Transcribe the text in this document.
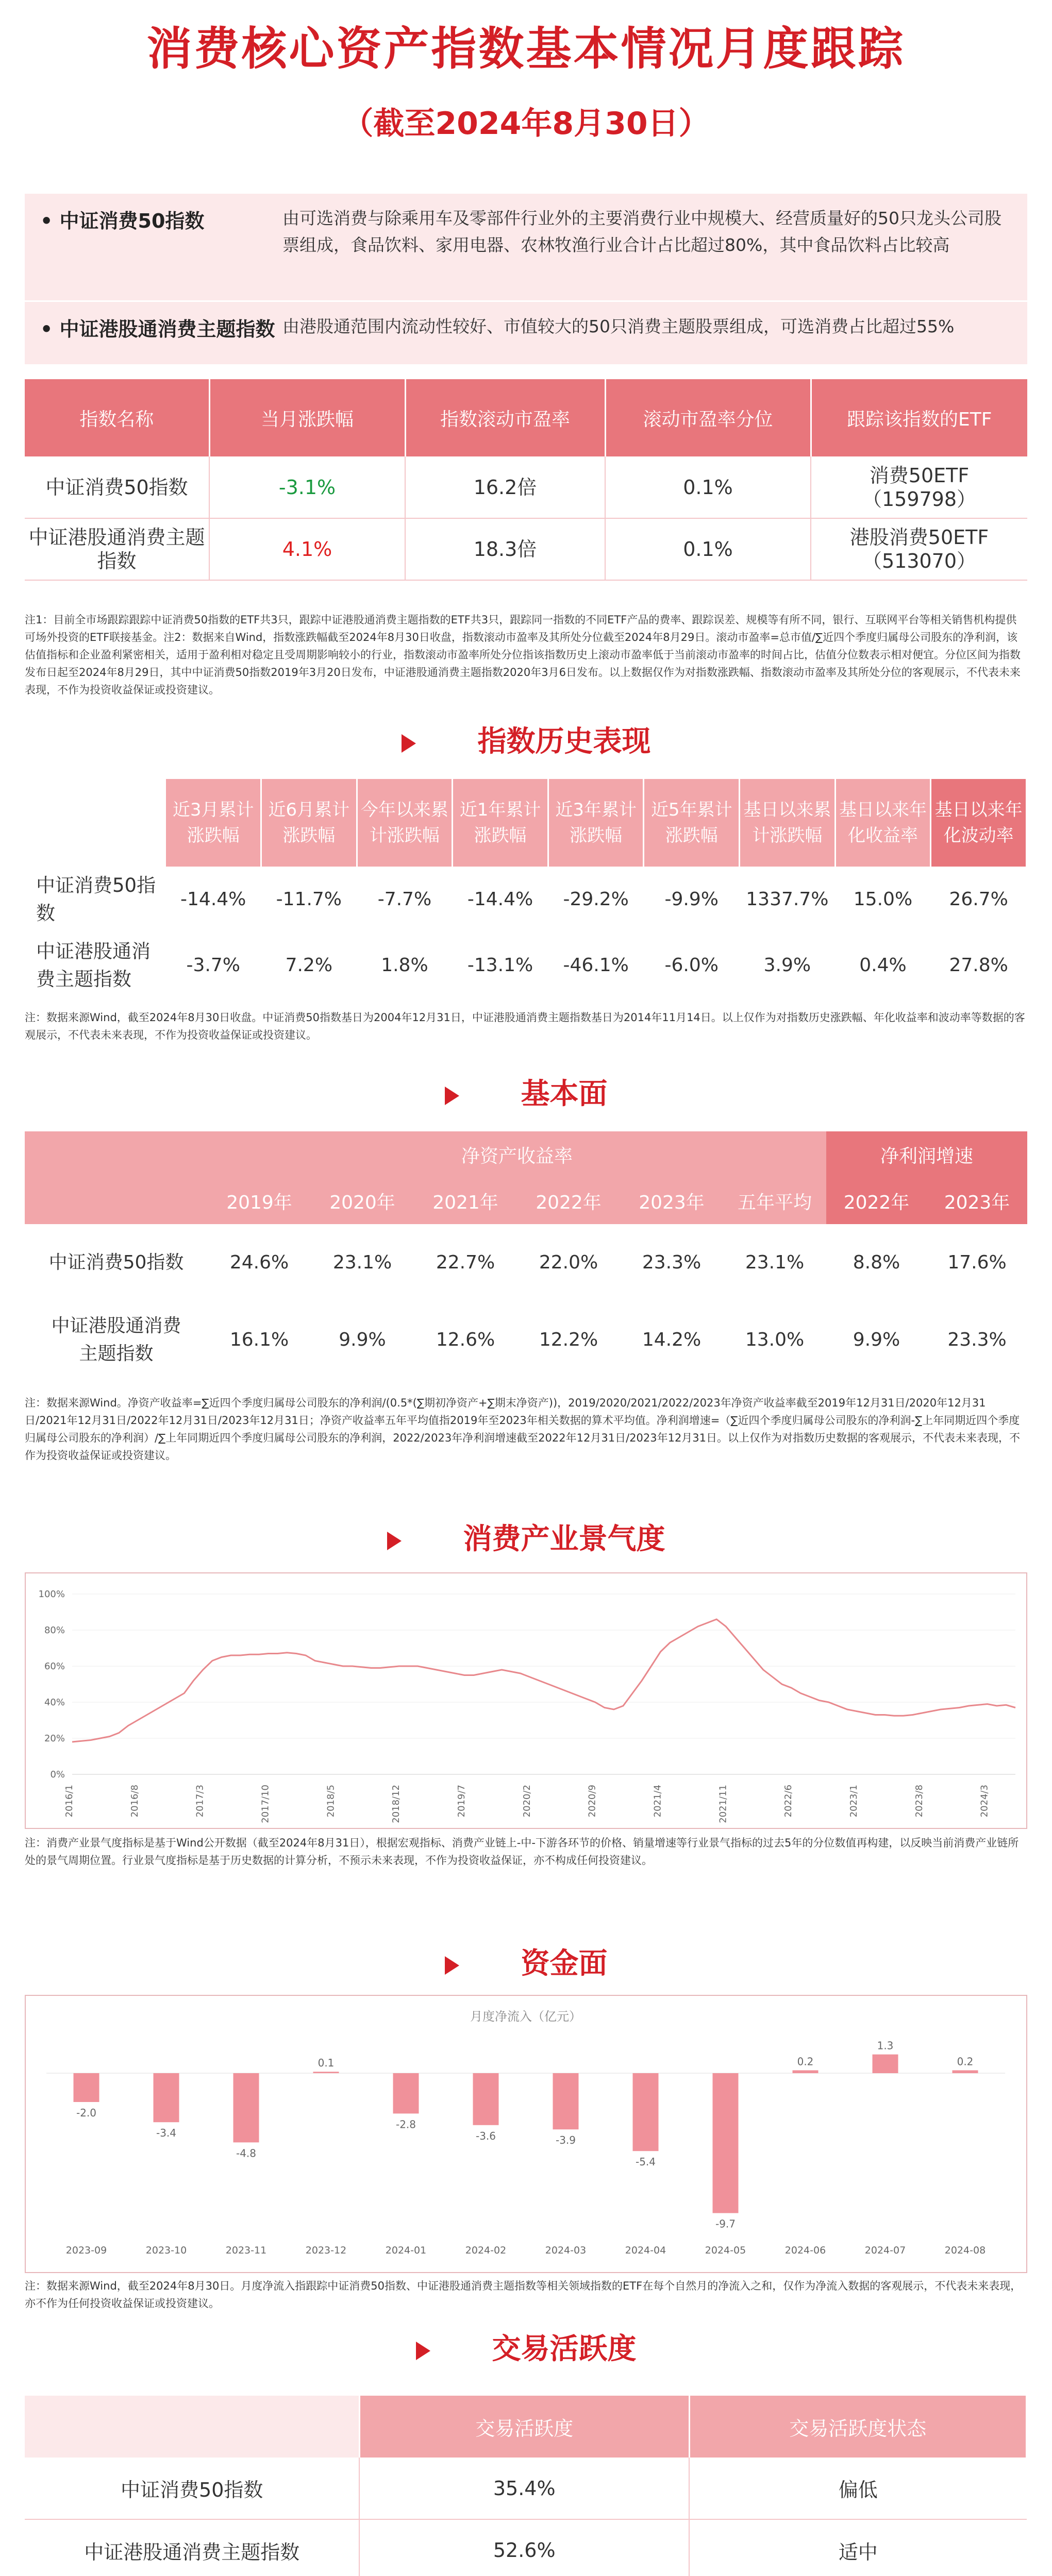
消费核心资产指数基本情况月度跟踪
（截至2024年8月30日）
• 中证消费50指数	由可选消费与除乘用车及零部件行业外的主要消费行业中规模大、经营质量好的50只龙头公司股票组成，食品饮料、家用电器、农林牧渔行业合计占比超过80%，其中食品饮料占比较高
• 中证港股通消费主题指数 由港股通范围内流动性较好、市值较大的50只消费主题股票组成，可选消费占比超过55%
指数名称	当月涨跌幅	指数滚动市盈率	滚动市盈率分位	跟踪该指数的ETF
中证消费50指数	-3.1%	16.2倍	0.1%	消费50ETF
（159798）

中证港股通消费主题指数	4.1%	18.3倍	0.1%	港股消费50ETF
（513070）
注1：目前全市场跟踪跟踪中证消费50指数的ETF共3只，跟踪中证港股通消费主题指数的ETF共3只，跟踪同一指数的不同ETF产品的费率、跟踪误差、规模等有所不同，银行、互联网平台等相关销售机构提供可场外投资的ETF联接基金。注2：数据来自Wind，指数涨跌幅截至2024年8月30日收盘，指数滚动市盈率及其所处分位截至2024年8月29日。滚动市盈率=总市值/∑近四个季度归属母公司股东的净利润，该估值指标和企业盈利紧密相关，适用于盈利相对稳定且受周期影响较小的行业，指数滚动市盈率所处分位指该指数历史上滚动市盈率低于当前滚动市盈率的时间占比，估值分位数表示相对便宜。分位区间为指数发布日起至2024年8月29日，其中中证消费50指数2019年3月20日发布，中证港股通消费主题指数2020年3月6日发布。以上数据仅作为对指数涨跌幅、指数滚动市盈率及其所处分位的客观展示，不代表未来表现，不作为投资收益保证或投资建议。
指数历史表现
	近3月累计涨跌幅	近6月累计涨跌幅	今年以来累计涨跌幅	近1年累计涨跌幅	近3年累计涨跌幅	近5年累计涨跌幅	基日以来累计涨跌幅	基日以来年化收益率	基日以来年化波动率
中证消费50指数	-14.4%	-11.7%	-7.7%	-14.4%	-29.2%	-9.9%	1337.7%	15.0%	26.7%
中证港股通消费主题指数	-3.7%	7.2%	1.8%	-13.1%	-46.1%	-6.0%	3.9%	0.4%	27.8%
注：数据来源Wind，截至2024年8月30日收盘。中证消费50指数基日为2004年12月31日，中证港股通消费主题指数基日为2014年11月14日。以上仅作为对指数历史涨跌幅、年化收益率和波动率等数据的客观展示，不代表未来表现，不作为投资收益保证或投资建议。
基本面
	净资产收益率						净利润增速	
	2019年	2020年	2021年	2022年	2023年	五年平均	2022年	2023年
中证消费50指数	24.6%	23.1%	22.7%	22.0%	23.3%	23.1%	8.8%	17.6%
中证港股通消费主题指数	16.1%	9.9%	12.6%	12.2%	14.2%	13.0%	9.9%	23.3%
注：数据来源Wind。净资产收益率=∑近四个季度归属母公司股东的净利润/(0.5*(∑期初净资产+∑期末净资产))，2019/2020/2021/2022/2023年净资产收益率截至2019年12月31日/2020年12月31日/2021年12月31日/2022年12月31日/2023年12月31日；净资产收益率五年平均值指2019年至2023年相关数据的算术平均值。净利润增速=（∑近四个季度归属母公司股东的净利润-∑上年同期近四个季度归属母公司股东的净利润）/∑上年同期近四个季度归属母公司股东的净利润，2022/2023年净利润增速截至2022年12月31日/2023年12月31日。以上仅作为对指数历史数据的客观展示，不代表未来表现，不作为投资收益保证或投资建议。
消费产业景气度
0%
20%
40%
60%
80%
100%
2016/1	2016/8	2017/3	2017/10	2018/5	2018/12	2019/7	2020/2	2020/9	2021/4	2021/11	2022/6	2023/1	2023/8	2024/3
注：消费产业景气度指标是基于Wind公开数据（截至2024年8月31日），根据宏观指标、消费产业链上-中-下游各环节的价格、销量增速等行业景气指标的过去5年的分位数值再构建，以反映当前消费产业链所处的景气周期位置。行业景气度指标是基于历史数据的计算分析，不预示未来表现，不作为投资收益保证，亦不构成任何投资建议。
资金面
月度净流入（亿元）
-2.0
2023-09
-3.4
2023-10
-4.8
2023-11
0.1
2023-12
-2.8
2024-01
-3.6
2024-02
-3.9
2024-03
-5.4
2024-04
-9.7
2024-05
0.2
2024-06
1.3
2024-07
0.2
2024-08
注：数据来源Wind，截至2024年8月30日。月度净流入指跟踪中证消费50指数、中证港股通消费主题指数等相关领域指数的ETF在每个自然月的净流入之和，仅作为净流入数据的客观展示，不代表未来表现，亦不作为任何投资收益保证或投资建议。
交易活跃度
	交易活跃度	交易活跃度状态
中证消费50指数	35.4%	偏低
中证港股通消费主题指数	52.6%	适中
